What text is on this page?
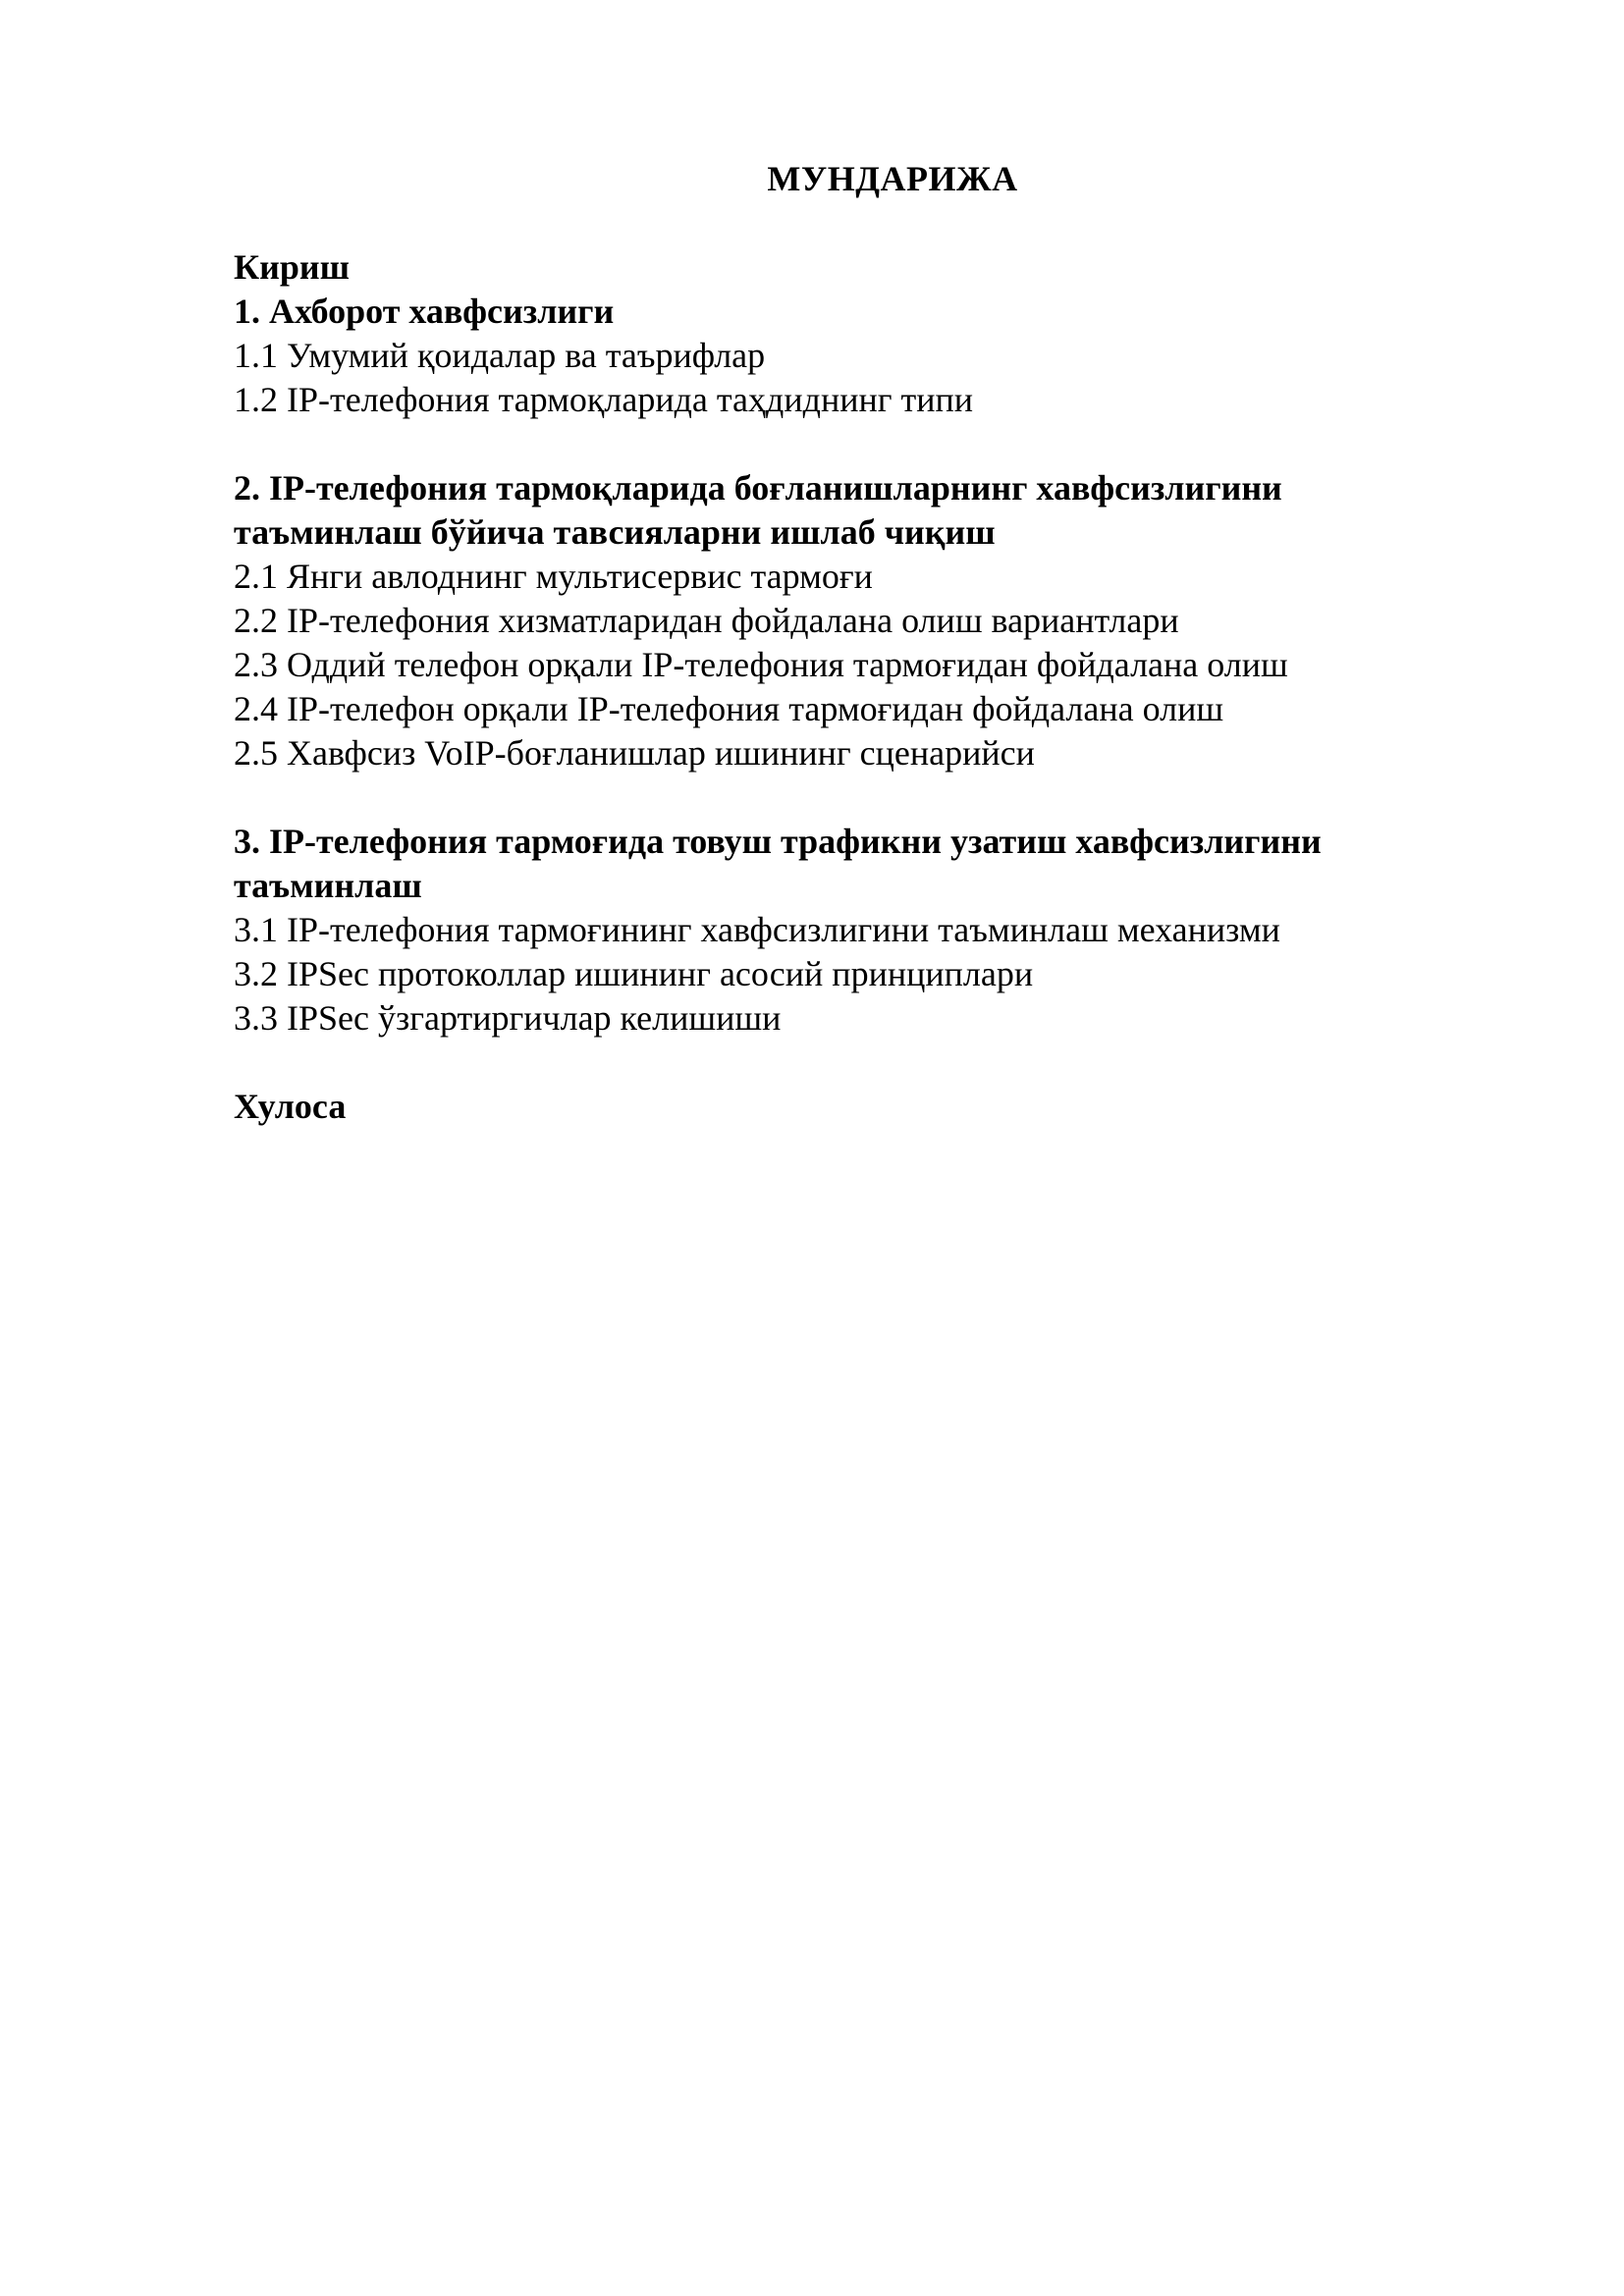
МУНДАРИЖА
Кириш
1. Ахборот хавфсизлиги
1.1 Умумий қоидалар ва таърифлар
1.2 IP-телефония тармоқларида таҳдиднинг типи
2. IP-телефония тармоқларида боғланишларнинг хавфсизлигини
таъминлаш бўйича тавсияларни ишлаб чиқиш
2.1 Янги авлоднинг мультисервис тармоғи
2.2 IP-телефония хизматларидан фойдалана олиш вариантлари
2.3 Оддий телефон орқали IP-телефония тармоғидан фойдалана олиш
2.4 IP-телефон орқали IP-телефония тармоғидан фойдалана олиш
2.5 Хавфсиз VoIP-боғланишлар ишининг сценарийси
3. IP-телефония тармоғида товуш трафикни узатиш хавфсизлигини
таъминлаш
3.1 IP-телефония тармоғининг хавфсизлигини таъминлаш механизми
3.2 IPSec протоколлар ишининг асосий принциплари
3.3 IPSec ўзгартиргичлар келишиши
Хулоса
